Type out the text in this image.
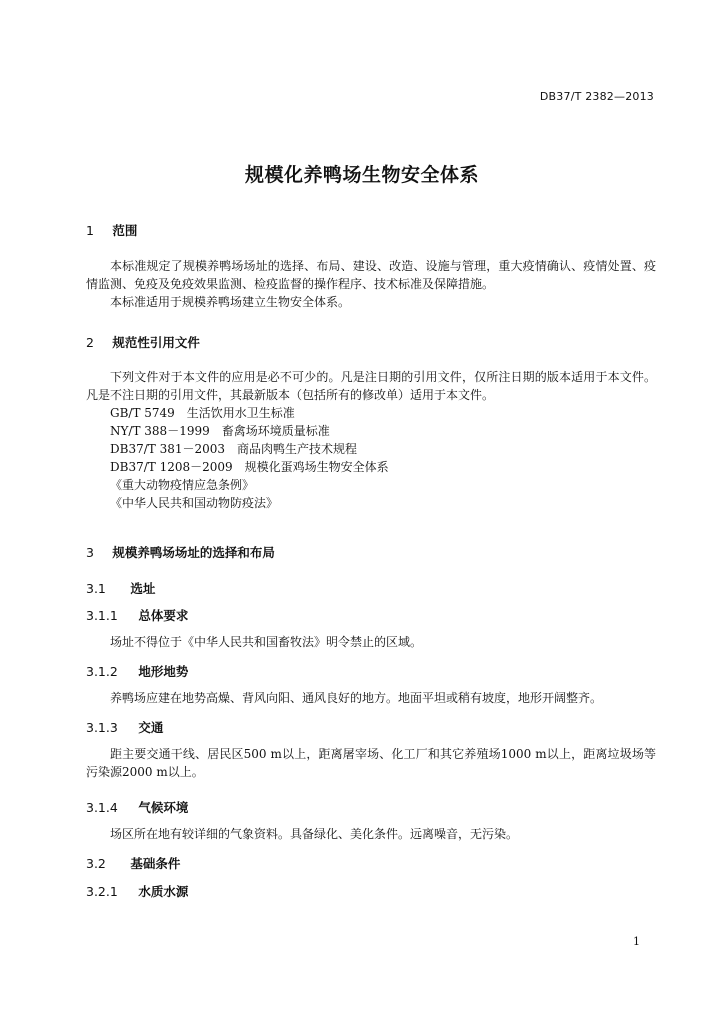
DB37/T 2382—2013
规模化养鸭场生物安全体系
1 范围
本标准规定了规模养鸭场场址的选择、布局、建设、改造、设施与管理，重大疫情确认、疫情处置、疫情监测、免疫及免疫效果监测、检疫监督的操作程序、技术标准及保障措施。
本标准适用于规模养鸭场建立生物安全体系。
2 规范性引用文件
下列文件对于本文件的应用是必不可少的。凡是注日期的引用文件，仅所注日期的版本适用于本文件。凡是不注日期的引用文件，其最新版本（包括所有的修改单）适用于本文件。
GB/T 5749　生活饮用水卫生标准
NY/T 388－1999　畜禽场环境质量标准
DB37/T 381－2003　商品肉鸭生产技术规程
DB37/T 1208－2009　规模化蛋鸡场生物安全体系
《重大动物疫情应急条例》
《中华人民共和国动物防疫法》
3 规模养鸭场场址的选择和布局
3.1 选址
3.1.1 总体要求
场址不得位于《中华人民共和国畜牧法》明令禁止的区域。
3.1.2 地形地势
养鸭场应建在地势高燥、背风向阳、通风良好的地方。地面平坦或稍有坡度，地形开阔整齐。
3.1.3 交通
距主要交通干线、居民区500 m以上，距离屠宰场、化工厂和其它养殖场1000 m以上，距离垃圾场等污染源2000 m以上。
3.1.4 气候环境
场区所在地有较详细的气象资料。具备绿化、美化条件。远离噪音，无污染。
3.2 基础条件
3.2.1 水质水源
1
